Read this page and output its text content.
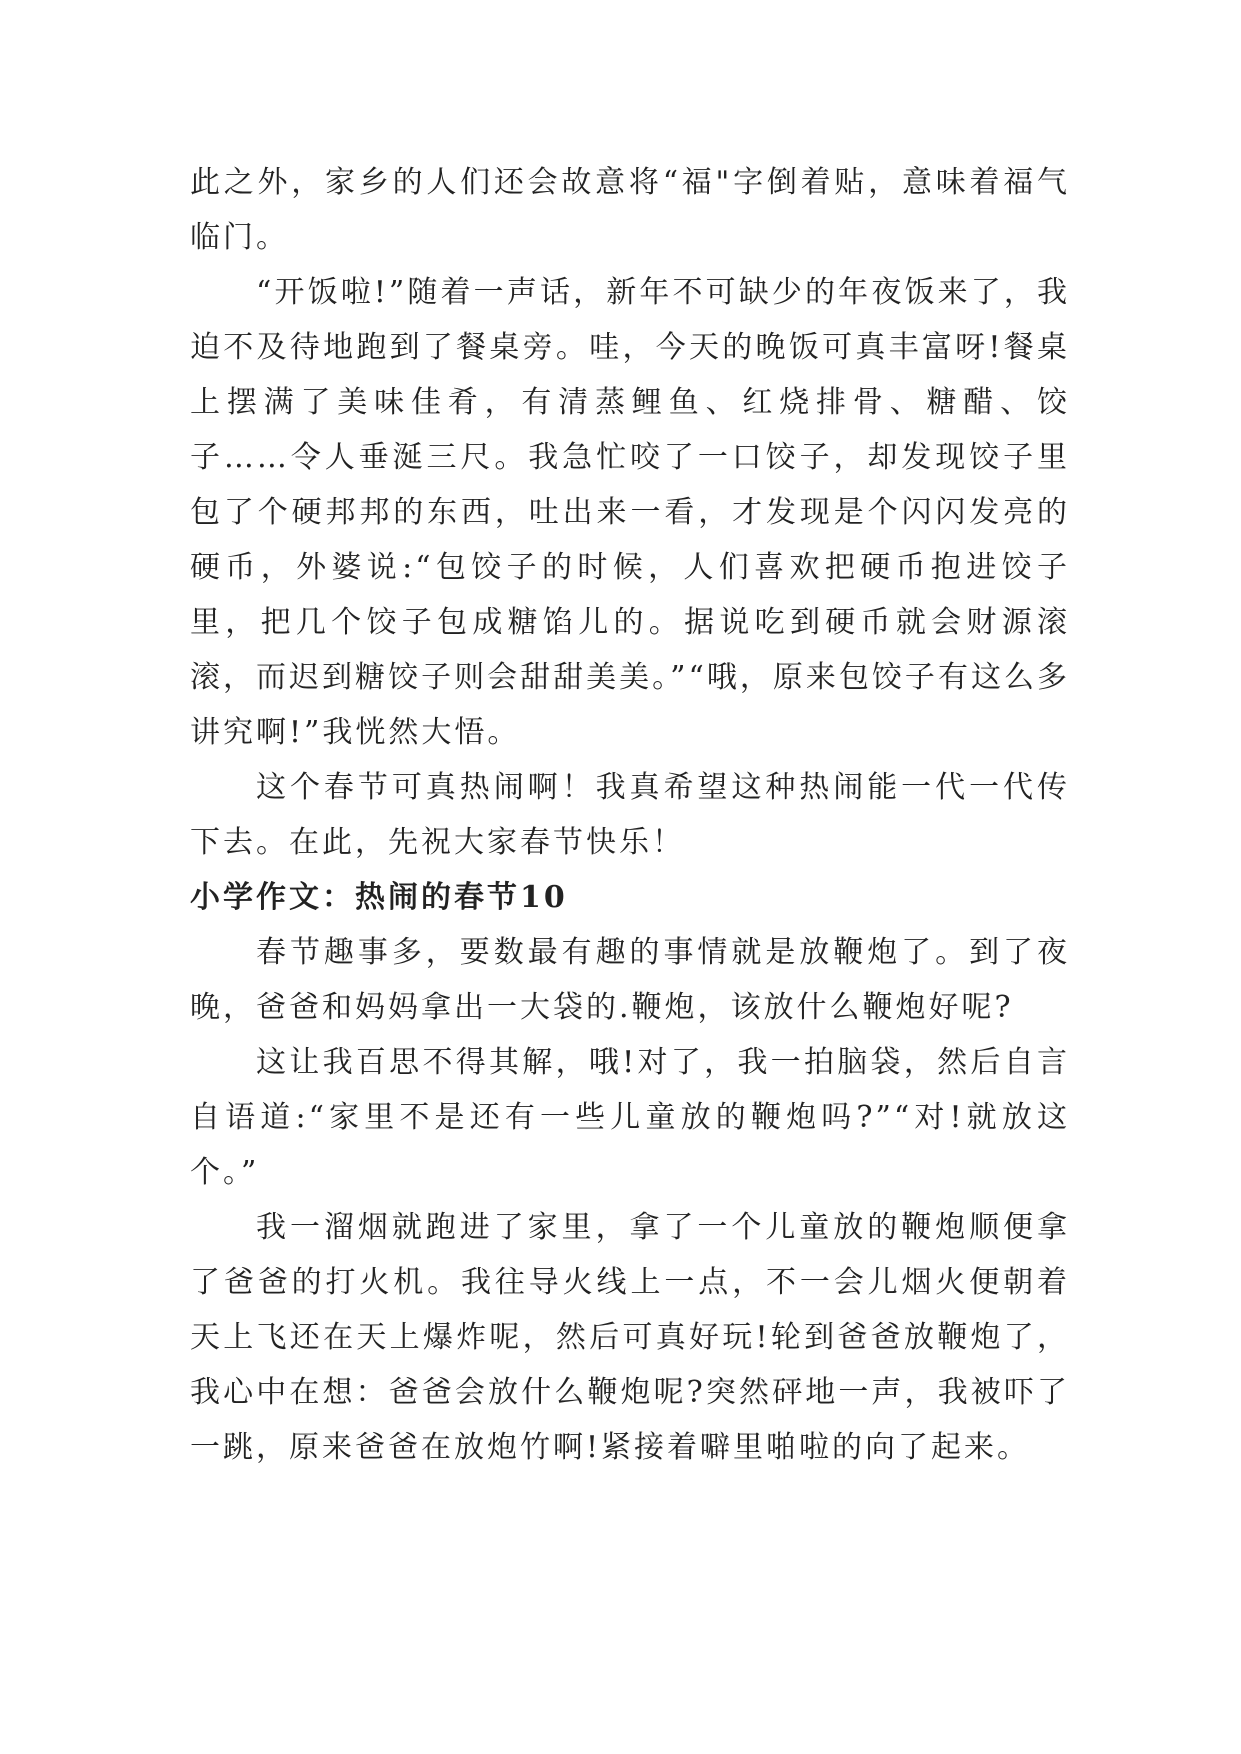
此之外，家乡的人们还会故意将“福"字倒着贴，意味着福气临门。

“开饭啦!”随着一声话，新年不可缺少的年夜饭来了，我迫不及待地跑到了餐桌旁。哇，今天的晚饭可真丰富呀!餐桌上摆满了美味佳肴，有清蒸鲤鱼、红烧排骨、糖醋、饺子……令人垂涎三尺。我急忙咬了一口饺子，却发现饺子里包了个硬邦邦的东西，吐出来一看，才发现是个闪闪发亮的硬币，外婆说:“包饺子的时候，人们喜欢把硬币抱进饺子里，把几个饺子包成糖馅儿的。据说吃到硬币就会财源滚滚，而迟到糖饺子则会甜甜美美。”“哦，原来包饺子有这么多讲究啊!”我恍然大悟。

这个春节可真热闹啊！我真希望这种热闹能一代一代传下去。在此，先祝大家春节快乐！

小学作文：热闹的春节10

春节趣事多，要数最有趣的事情就是放鞭炮了。到了夜晚，爸爸和妈妈拿出一大袋的.鞭炮，该放什么鞭炮好呢?

这让我百思不得其解，哦!对了，我一拍脑袋，然后自言自语道:“家里不是还有一些儿童放的鞭炮吗?”“对!就放这个。”

我一溜烟就跑进了家里，拿了一个儿童放的鞭炮顺便拿了爸爸的打火机。我往导火线上一点，不一会儿烟火便朝着天上飞还在天上爆炸呢，然后可真好玩!轮到爸爸放鞭炮了，我心中在想：爸爸会放什么鞭炮呢?突然砰地一声，我被吓了一跳，原来爸爸在放炮竹啊!紧接着噼里啪啦的向了起来。
